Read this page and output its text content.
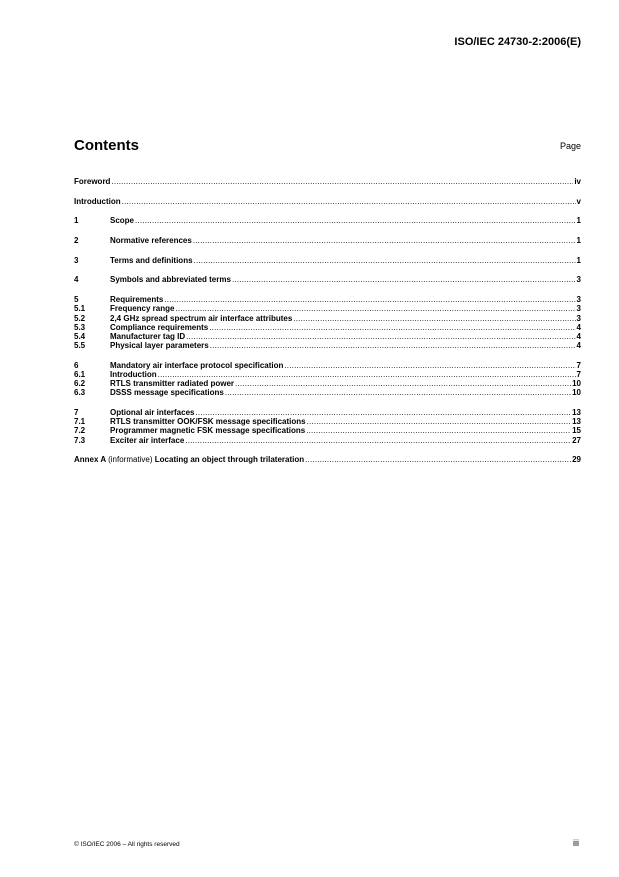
ISO/IEC 24730-2:2006(E)
Contents	Page
Foreword .....	iv
Introduction .....	v
1	Scope .....	1
2	Normative references .....	1
3	Terms and definitions .....	1
4	Symbols and abbreviated terms .....	3
5	Requirements .....	3
5.1	Frequency range .....	3
5.2	2,4 GHz spread spectrum air interface attributes .....	3
5.3	Compliance requirements .....	4
5.4	Manufacturer tag ID .....	4
5.5	Physical layer parameters .....	4
6	Mandatory air interface protocol specification .....	7
6.1	Introduction .....	7
6.2	RTLS transmitter radiated power .....	10
6.3	DSSS message specifications .....	10
7	Optional air interfaces .....	13
7.1	RTLS transmitter OOK/FSK message specifications .....	13
7.2	Programmer magnetic FSK message specifications .....	15
7.3	Exciter air interface .....	27
Annex A (informative) Locating an object through trilateration .....	29
© ISO/IEC 2006 – All rights reserved	iii
